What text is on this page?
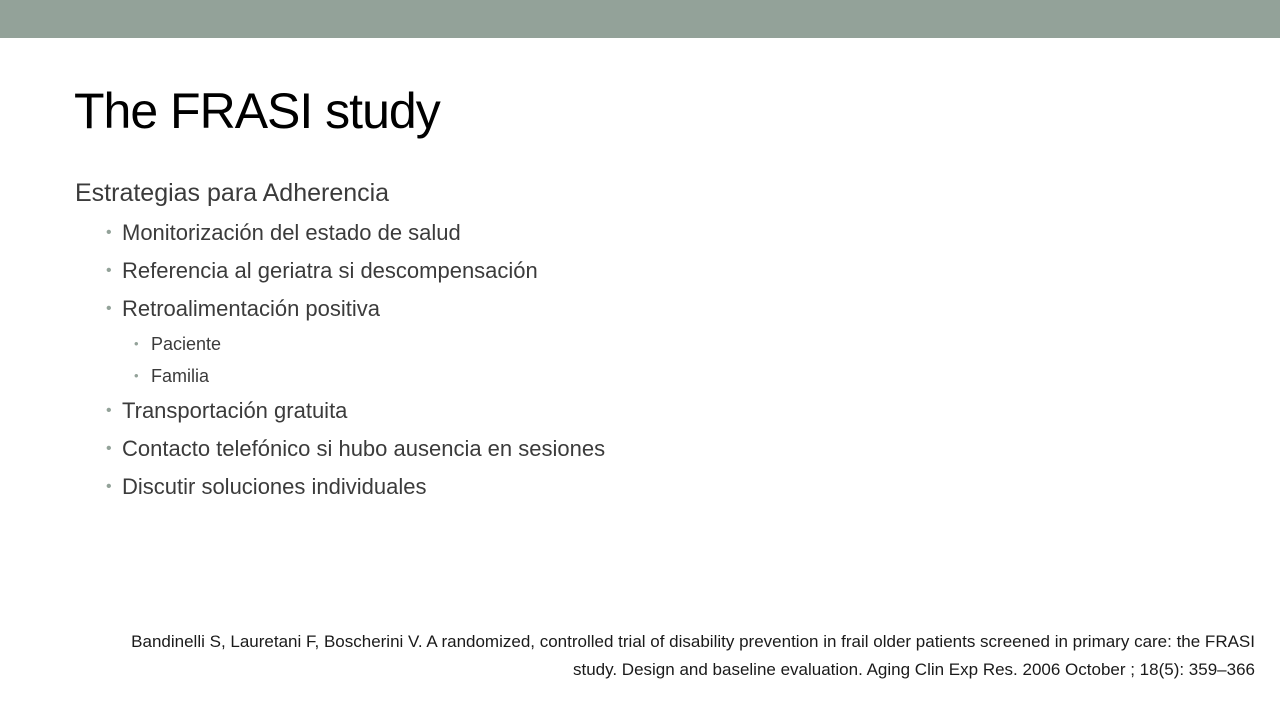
The FRASI study
Estrategias para Adherencia
• Monitorización del estado de salud
• Referencia al geriatra si descompensación
• Retroalimentación positiva
• Paciente
• Familia
• Transportación gratuita
• Contacto telefónico si hubo ausencia en sesiones
• Discutir soluciones individuales
Bandinelli S, Lauretani F, Boscherini V. A randomized, controlled trial of disability prevention in frail older patients screened in primary care: the FRASI study. Design and baseline evaluation. Aging Clin Exp Res. 2006 October ; 18(5): 359–366
